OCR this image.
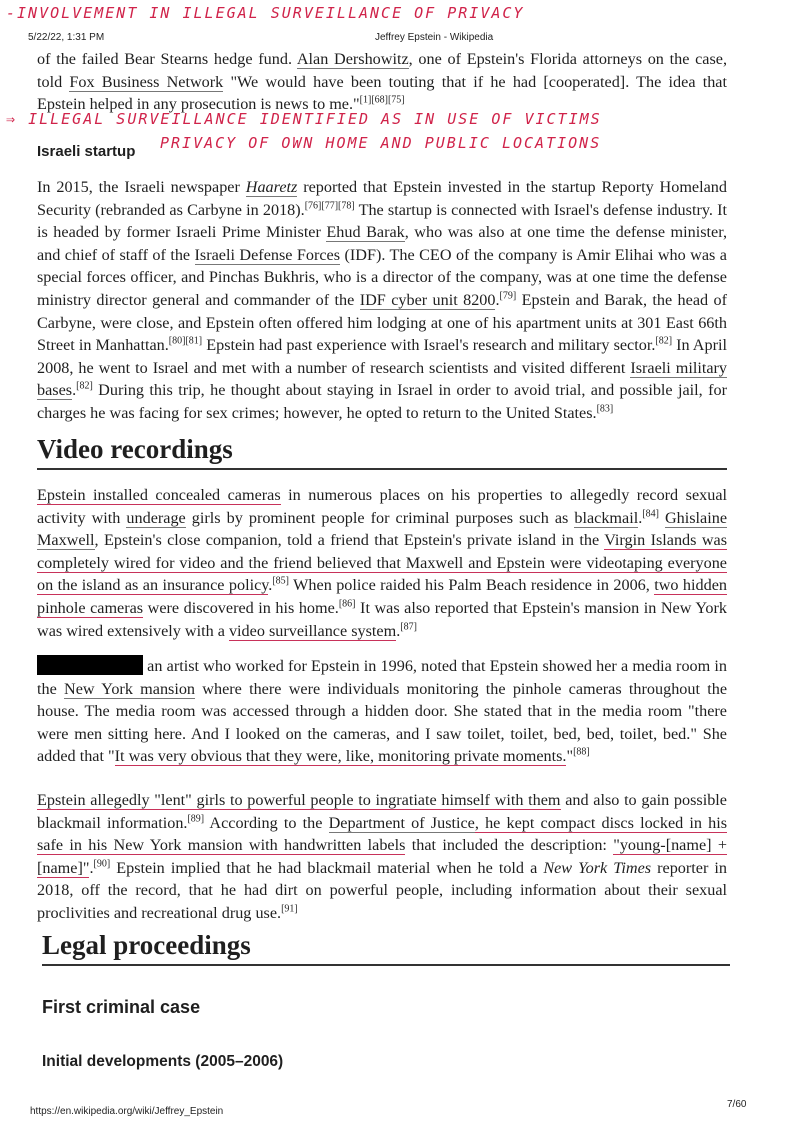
-INVOLVEMENT IN ILLEGAL SURVEILLANCE OF PRIVACY
5/22/22, 1:31 PM	Jeffrey Epstein - Wikipedia

of the failed Bear Stearns hedge fund. Alan Dershowitz, one of Epstein's Florida attorneys on the case, told Fox Business Network "We would have been touting that if he had [cooperated]. The idea that Epstein helped in any prosecution is news to me."[1][68][75]

⇒ ILLEGAL SURVEILLANCE IDENTIFIED AS IN USE OF VICTIMS
PRIVACY OF OWN HOME AND PUBLIC LOCATIONS
Israeli startup

In 2015, the Israeli newspaper Haaretz reported that Epstein invested in the startup Reporty Homeland Security (rebranded as Carbyne in 2018).[76][77][78] The startup is connected with Israel's defense industry. It is headed by former Israeli Prime Minister Ehud Barak, who was also at one time the defense minister, and chief of staff of the Israeli Defense Forces (IDF). The CEO of the company is Amir Elihai who was a special forces officer, and Pinchas Bukhris, who is a director of the company, was at one time the defense ministry director general and commander of the IDF cyber unit 8200.[79] Epstein and Barak, the head of Carbyne, were close, and Epstein often offered him lodging at one of his apartment units at 301 East 66th Street in Manhattan.[80][81] Epstein had past experience with Israel's research and military sector.[82] In April 2008, he went to Israel and met with a number of research scientists and visited different Israeli military bases.[82] During this trip, he thought about staying in Israel in order to avoid trial, and possible jail, for charges he was facing for sex crimes; however, he opted to return to the United States.[83]

Video recordings

Epstein installed concealed cameras in numerous places on his properties to allegedly record sexual activity with underage girls by prominent people for criminal purposes such as blackmail.[84] Ghislaine Maxwell, Epstein's close companion, told a friend that Epstein's private island in the Virgin Islands was completely wired for video and the friend believed that Maxwell and Epstein were videotaping everyone on the island as an insurance policy.[85] When police raided his Palm Beach residence in 2006, two hidden pinhole cameras were discovered in his home.[86] It was also reported that Epstein's mansion in New York was wired extensively with a video surveillance system.[87]

an artist who worked for Epstein in 1996, noted that Epstein showed her a media room in the New York mansion where there were individuals monitoring the pinhole cameras throughout the house. The media room was accessed through a hidden door. She stated that in the media room "there were men sitting here. And I looked on the cameras, and I saw toilet, toilet, bed, bed, toilet, bed." She added that "It was very obvious that they were, like, monitoring private moments."[88]

Epstein allegedly "lent" girls to powerful people to ingratiate himself with them and also to gain possible blackmail information.[89] According to the Department of Justice, he kept compact discs locked in his safe in his New York mansion with handwritten labels that included the description: "young-[name] + [name]".[90] Epstein implied that he had blackmail material when he told a New York Times reporter in 2018, off the record, that he had dirt on powerful people, including information about their sexual proclivities and recreational drug use.[91]

Legal proceedings
First criminal case
Initial developments (2005–2006)
https://en.wikipedia.org/wiki/Jeffrey_Epstein
7/60
